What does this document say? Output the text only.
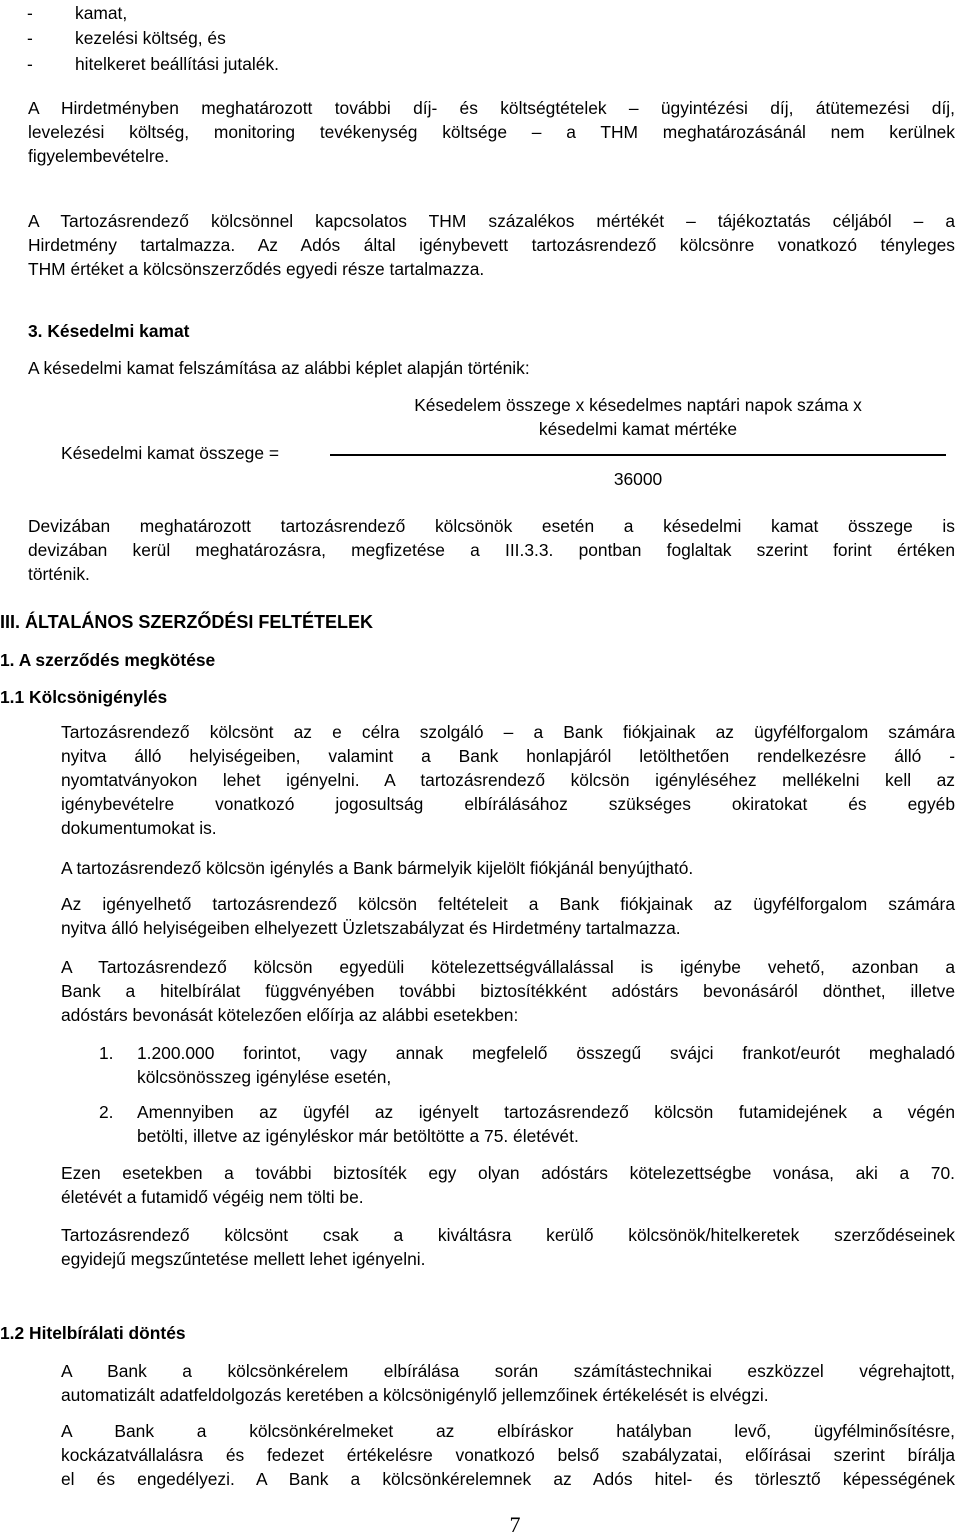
- kamat,
- kezelési költség, és
- hitelkeret beállítási jutalék.
A Hirdetményben meghatározott további díj- és költségtételek – ügyintézési díj, átütemezési díj,
levelezési költség, monitoring tevékenység költsége – a THM meghatározásánál nem kerülnek
figyelembevételre.
A Tartozásrendező kölcsönnel kapcsolatos THM százalékos mértékét – tájékoztatás céljából – a
Hirdetmény tartalmazza. Az Adós által igénybevett tartozásrendező kölcsönre vonatkozó tényleges
THM értéket a kölcsönszerződés egyedi része tartalmazza.
3. Késedelmi kamat
A késedelmi kamat felszámítása az alábbi képlet alapján történik:
Késedelem összege x késedelmes naptári napok száma x
késedelmi kamat mértéke
Késedelmi kamat összege =
36000
Devizában meghatározott tartozásrendező kölcsönök esetén a késedelmi kamat összege is
devizában kerül meghatározásra, megfizetése a III.3.3. pontban foglaltak szerint forint értéken
történik.
III. ÁLTALÁNOS SZERZŐDÉSI FELTÉTELEK
1. A szerződés megkötése
1.1 Kölcsönigénylés
Tartozásrendező kölcsönt az e célra szolgáló – a Bank fiókjainak az ügyfélforgalom számára
nyitva álló helyiségeiben, valamint a Bank honlapjáról letölthetően rendelkezésre álló -
nyomtatványokon lehet igényelni. A tartozásrendező kölcsön igényléséhez mellékelni kell az
igénybevételre vonatkozó jogosultság elbírálásához szükséges okiratokat és egyéb
dokumentumokat is.
A tartozásrendező kölcsön igénylés a Bank bármelyik kijelölt fiókjánál benyújtható.
Az igényelhető tartozásrendező kölcsön feltételeit a Bank fiókjainak az ügyfélforgalom számára
nyitva álló helyiségeiben elhelyezett Üzletszabályzat és Hirdetmény tartalmazza.
A Tartozásrendező kölcsön egyedüli kötelezettségvállalással is igénybe vehető, azonban a
Bank a hitelbírálat függvényében további biztosítékként adóstárs bevonásáról dönthet, illetve
adóstárs bevonását kötelezően előírja az alábbi esetekben:
1. 1.200.000 forintot, vagy annak megfelelő összegű svájci frankot/eurót meghaladó
kölcsönösszeg igénylése esetén,
2. Amennyiben az ügyfél az igényelt tartozásrendező kölcsön futamidejének a végén
betölti, illetve az igényléskor már betöltötte a 75. életévét.
Ezen esetekben a további biztosíték egy olyan adóstárs kötelezettségbe vonása, aki a 70.
életévét a futamidő végéig nem tölti be.
Tartozásrendező kölcsönt csak a kiváltásra kerülő kölcsönök/hitelkeretek szerződéseinek
egyidejű megszűntetése mellett lehet igényelni.
1.2 Hitelbírálati döntés
A Bank a kölcsönkérelem elbírálása során számítástechnikai eszközzel végrehajtott,
automatizált adatfeldolgozás keretében a kölcsönigénylő jellemzőinek értékelését is elvégzi.
A Bank a kölcsönkérelmeket az elbíráskor hatályban levő, ügyfélminősítésre,
kockázatvállalásra és fedezet értékelésre vonatkozó belső szabályzatai, előírásai szerint bírálja
el és engedélyezi. A Bank a kölcsönkérelemnek az Adós hitel- és törlesztő képességének
7
